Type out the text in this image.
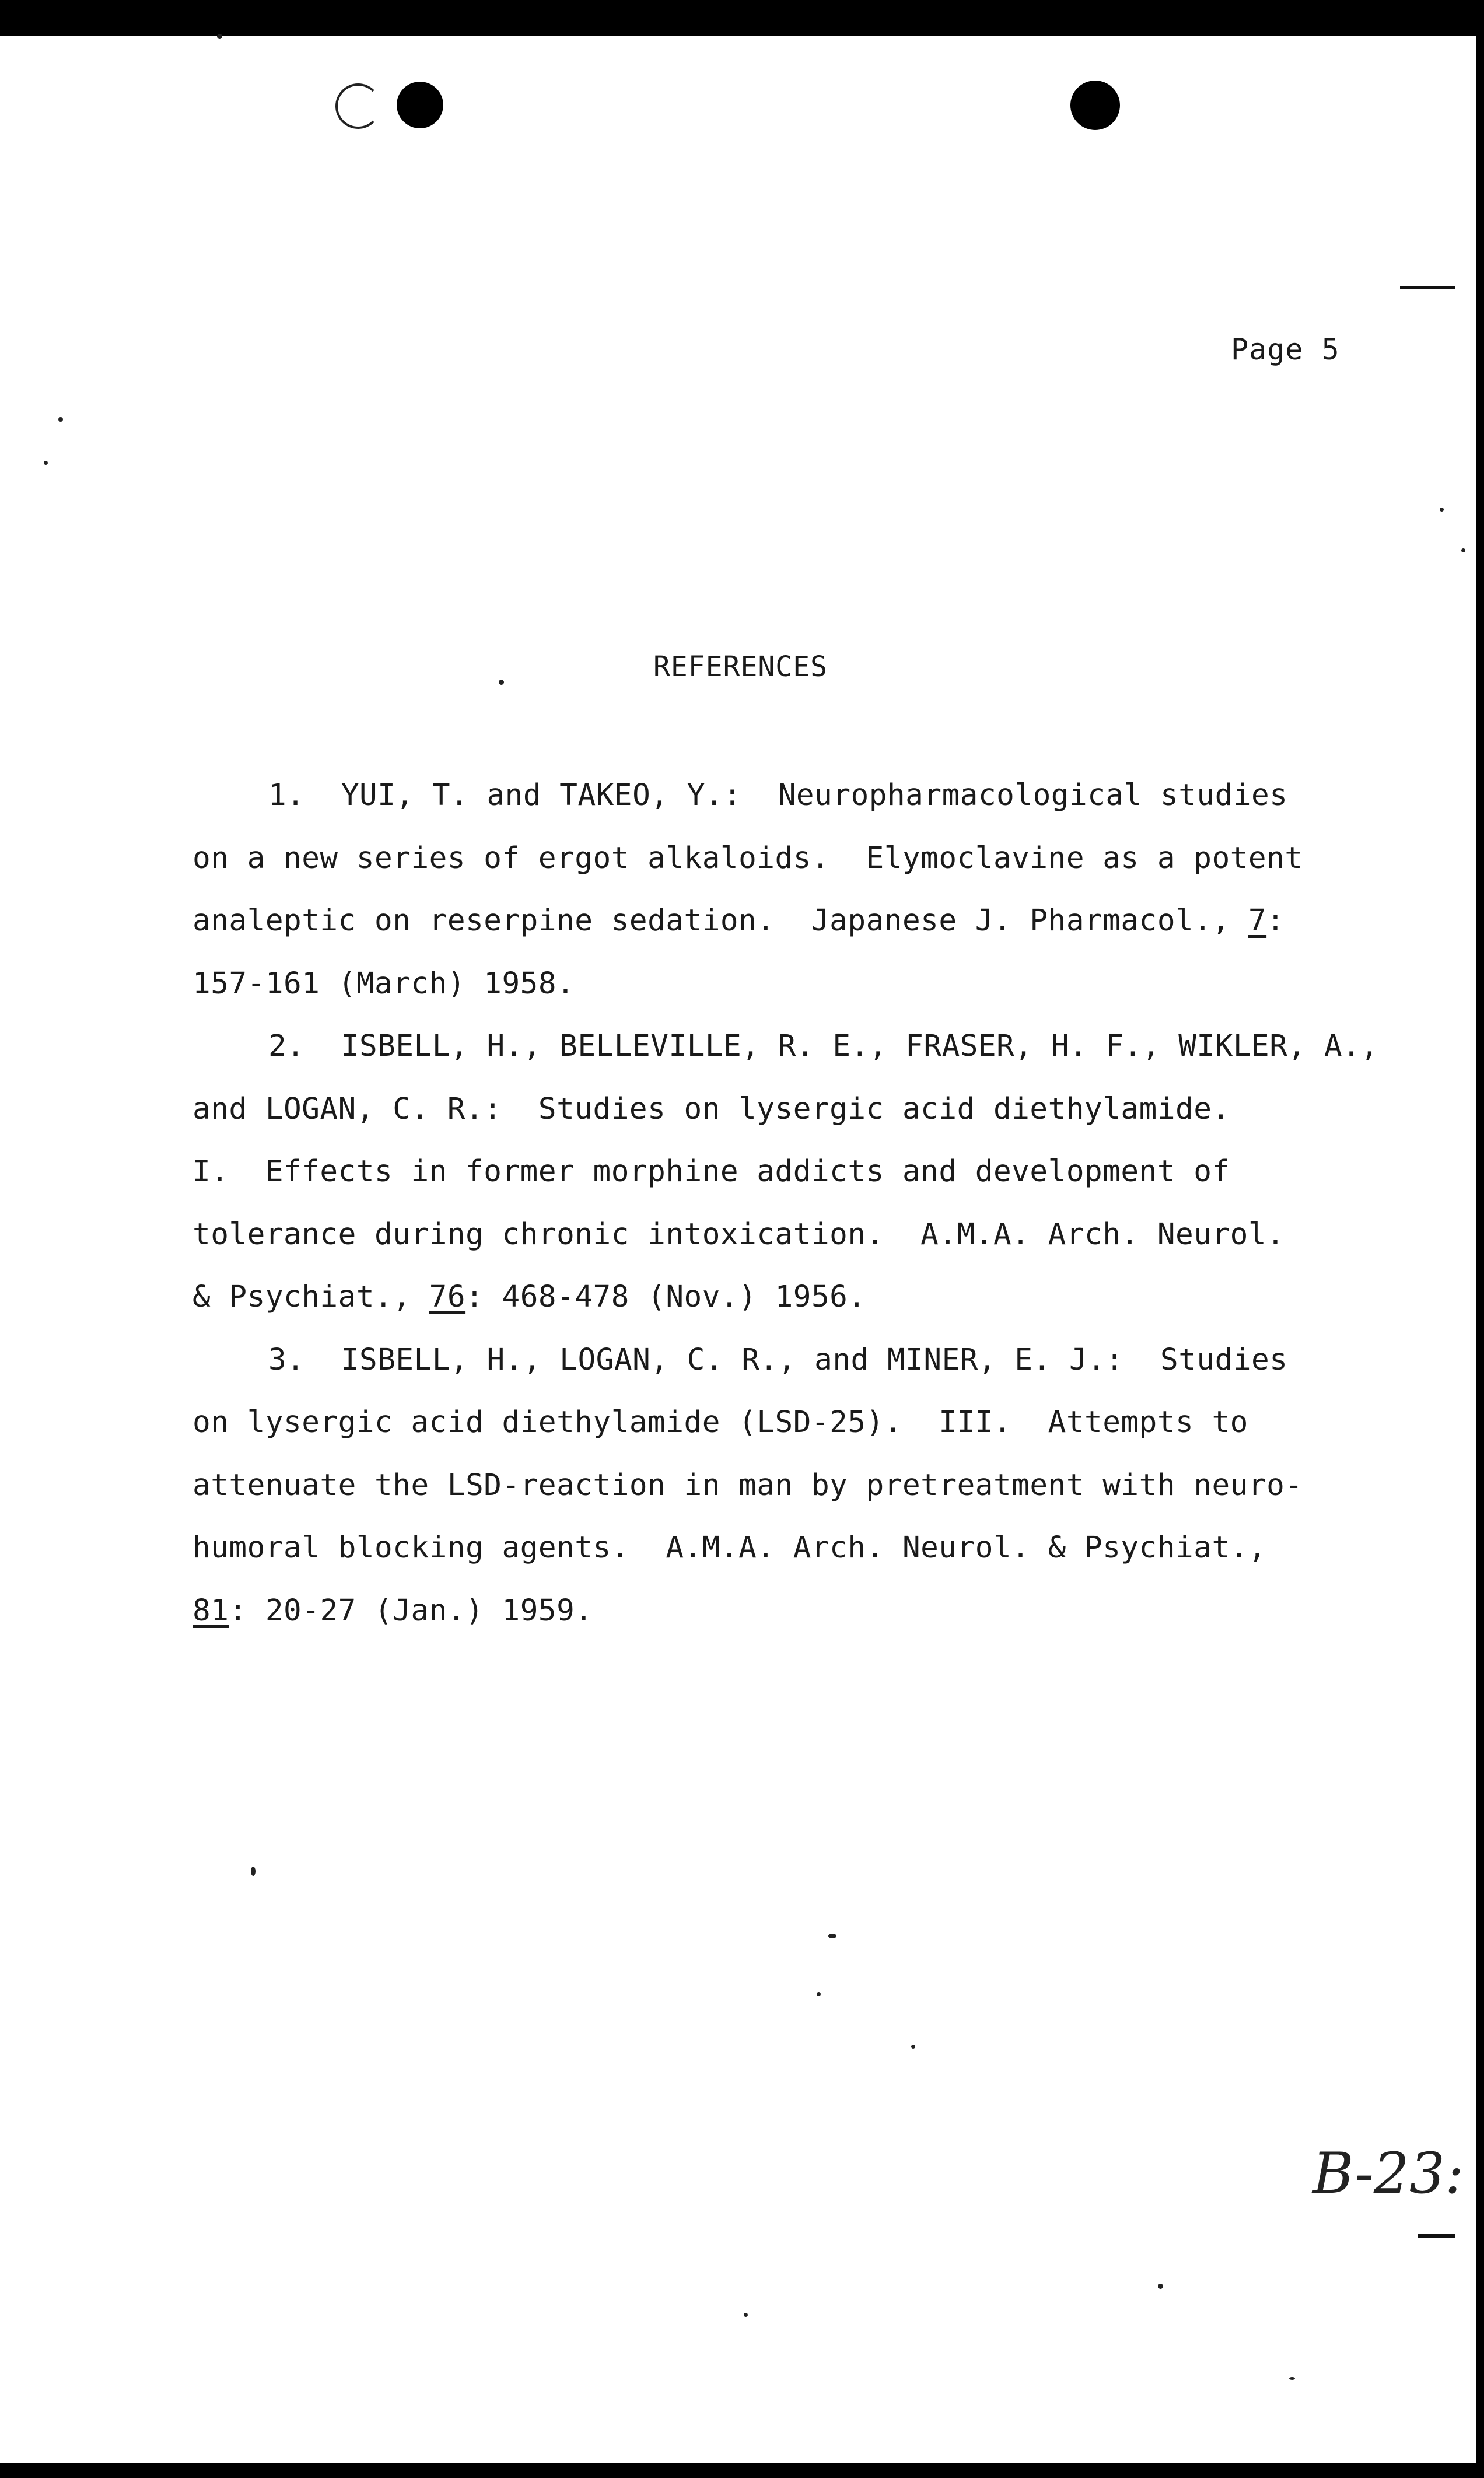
Page 5
REFERENCES
1.  YUI, T. and TAKEO, Y.:  Neuropharmacological studies
on a new series of ergot alkaloids.  Elymoclavine as a potent
analeptic on reserpine sedation.  Japanese J. Pharmacol., 7:
157-161 (March) 1958.
2.  ISBELL, H., BELLEVILLE, R. E., FRASER, H. F., WIKLER, A.,
and LOGAN, C. R.:  Studies on lysergic acid diethylamide.
I.  Effects in former morphine addicts and development of
tolerance during chronic intoxication.  A.M.A. Arch. Neurol.
& Psychiat., 76: 468-478 (Nov.) 1956.
3.  ISBELL, H., LOGAN, C. R., and MINER, E. J.:  Studies
on lysergic acid diethylamide (LSD-25).  III.  Attempts to
attenuate the LSD-reaction in man by pretreatment with neuro-
humoral blocking agents.  A.M.A. Arch. Neurol. & Psychiat.,
81: 20-27 (Jan.) 1959.
B-23:
